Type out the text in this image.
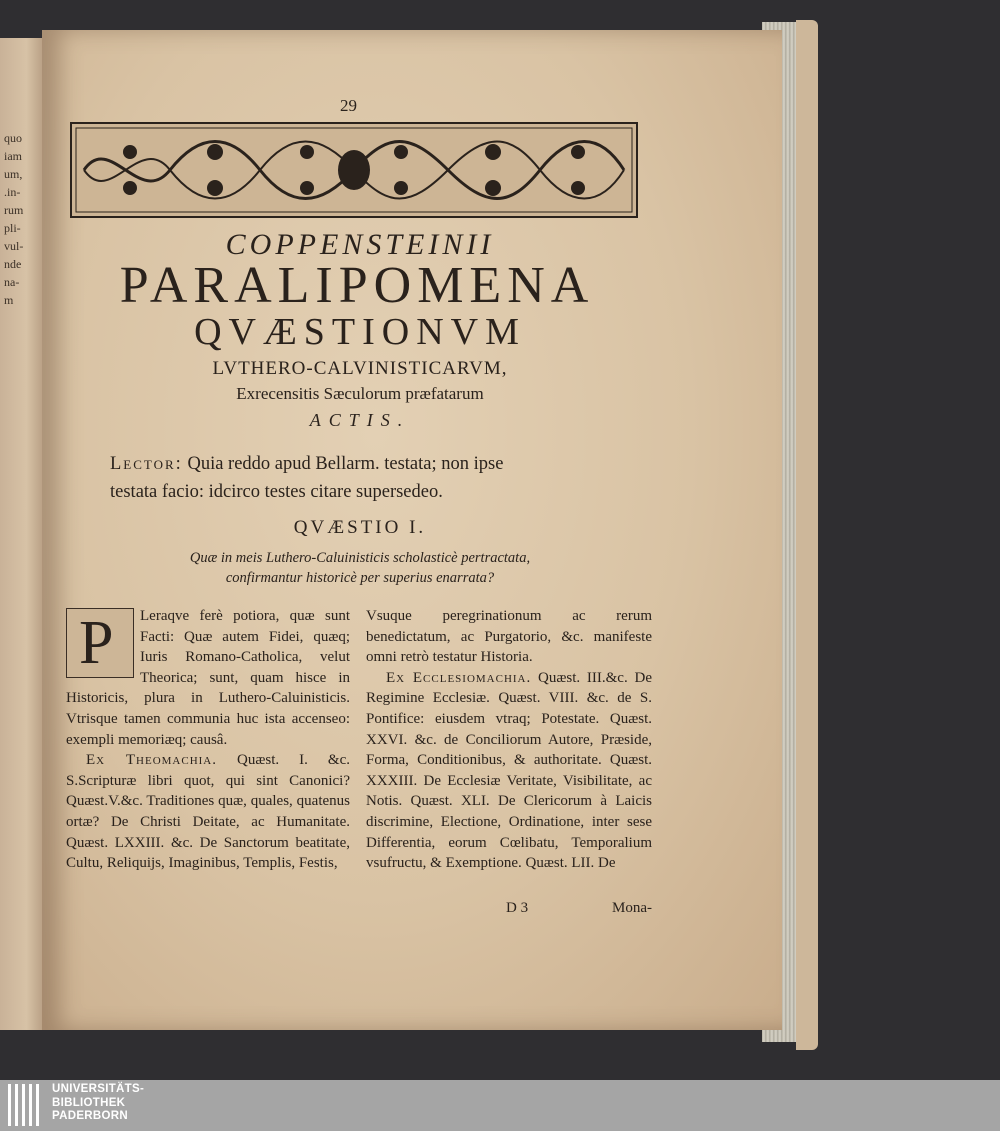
quo
iam
um,
.in-
rum
pli-
vul-
nde
na-
m
29
COPPENSTEINII
PARALIPOMENA
QVÆSTIONVM
LVTHERO-CALVINISTICARVM,
Exrecensitis Sæculorum præfatarum
ACTIS.
Lector: Quia reddo apud Bellarm. testata; non ipse
testata facio: idcirco testes citare supersedeo.
QVÆSTIO I.
Quæ in meis Luthero-Caluinisticis scholasticè pertractata,
confirmantur historicè per superius enarrata?
P	Leraqve ferè potiora, quæ sunt Facti: Quæ autem Fidei, quæq; Iuris Romano-Catholica, velut Theorica; sunt, quam hisce in Historicis, plura in Luthero-Caluinisticis. Vtrisque tamen communia huc ista accenseo: exempli memoriæq; causâ.

Ex Theomachia. Quæst. I. &c. S.Scripturæ libri quot, qui sint Canonici? Quæst.V.&c. Traditiones quæ, quales, quatenus ortæ? De Christi Deitate, ac Humanitate. Quæst. LXXIII. &c. De Sanctorum beatitate, Cultu, Reliquijs, Imaginibus, Templis, Festis,

Vsuque peregrinationum ac rerum benedictatum, ac Purgatorio, &c. manifeste omni retrò testatur Historia.

Ex Ecclesiomachia. Quæst. III.&c. De Regimine Ecclesiæ. Quæst. VIII. &c. de S. Pontifice: eiusdem vtraq; Potestate. Quæst. XXVI. &c. de Conciliorum Autore, Præside, Forma, Conditionibus, & authoritate. Quæst. XXXIII. De Ecclesiæ Veritate, Visibilitate, ac Notis. Quæst. XLI. De Clericorum à Laicis discrimine, Electione, Ordinatione, inter sese Differentia, eorum Cœlibatu, Temporalium vsufructu, & Exemptione. Quæst. LII. De

D 3	Mona-
UNIVERSITÄTS-
BIBLIOTHEK
PADERBORN
